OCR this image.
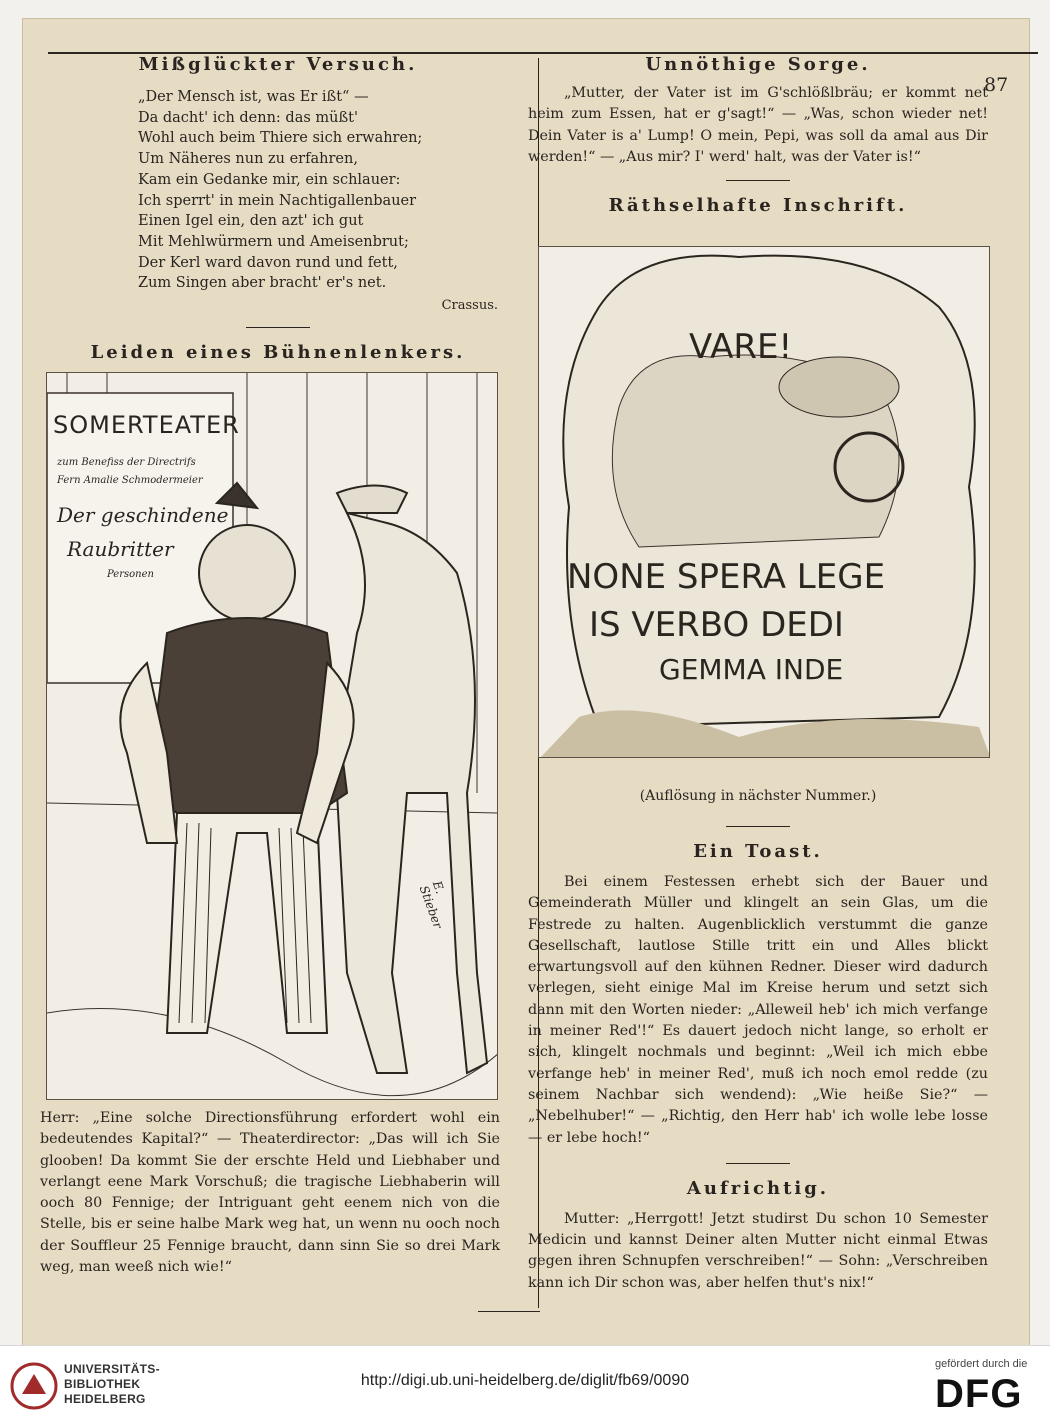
87
Mißglückter Versuch.
„Der Mensch ist, was Er ißt“ —
Da dacht' ich denn: das müßt'
Wohl auch beim Thiere sich erwahren;
Um Näheres nun zu erfahren,
Kam ein Gedanke mir, ein schlauer:
Ich sperrt' in mein Nachtigallenbauer
Einen Igel ein, den azt' ich gut
Mit Mehlwürmern und Ameisenbrut;
Der Kerl ward davon rund und fett,
Zum Singen aber bracht' er's net.
Crassus.
Leiden eines Bühnenlenkers.
SOMERTEATER
zum Benefiss der Directrifs
Fern Amalie Schmodermeier
Der geschindene
Raubritter
Personen
E. Stieber
Herr: „Eine solche Directionsführung erfordert wohl ein bedeutendes Kapital?“ — Theaterdirector: „Das will ich Sie glooben! Da kommt Sie der erschte Held und Liebhaber und verlangt eene Mark Vorschuß; die tragische Liebhaberin will ooch 80 Fennige; der Intriguant geht eenem nich von die Stelle, bis er seine halbe Mark weg hat, un wenn nu ooch noch der Souffleur 25 Fennige braucht, dann sinn Sie so drei Mark weg, man weeß nich wie!“
Unnöthige Sorge.
„Mutter, der Vater ist im G'schlößlbräu; er kommt net heim zum Essen, hat er g'sagt!“ — „Was, schon wieder net! Dein Vater is a' Lump! O mein, Pepi, was soll da amal aus Dir werden!“ — „Aus mir? I' werd' halt, was der Vater is!“
Räthselhafte Inschrift.
VARE!
NONE SPERA LEGE
IS VERBO DEDI
GEMMA INDE
(Auflösung in nächster Nummer.)
Ein Toast.
Bei einem Festessen erhebt sich der Bauer und Gemeinderath Müller und klingelt an sein Glas, um die Festrede zu halten. Augenblicklich verstummt die ganze Gesellschaft, lautlose Stille tritt ein und Alles blickt erwartungsvoll auf den kühnen Redner. Dieser wird dadurch verlegen, sieht einige Mal im Kreise herum und setzt sich dann mit den Worten nieder: „Alleweil heb' ich mich verfange in meiner Red'!“ Es dauert jedoch nicht lange, so erholt er sich, klingelt nochmals und beginnt: „Weil ich mich ebbe verfange heb' in meiner Red', muß ich noch emol redde (zu seinem Nachbar sich wendend): „Wie heiße Sie?“ — „Nebelhuber!“ — „Richtig, den Herr hab' ich wolle lebe losse — er lebe hoch!“
Aufrichtig.
Mutter: „Herrgott! Jetzt studirst Du schon 10 Semester Medicin und kannst Deiner alten Mutter nicht einmal Etwas gegen ihren Schnupfen verschreiben!“ — Sohn: „Verschreiben kann ich Dir schon was, aber helfen thut's nix!“
UNIVERSITÄTS-
BIBLIOTHEK
HEIDELBERG
http://digi.ub.uni-heidelberg.de/diglit/fb69/0090
gefördert durch die
DFG
